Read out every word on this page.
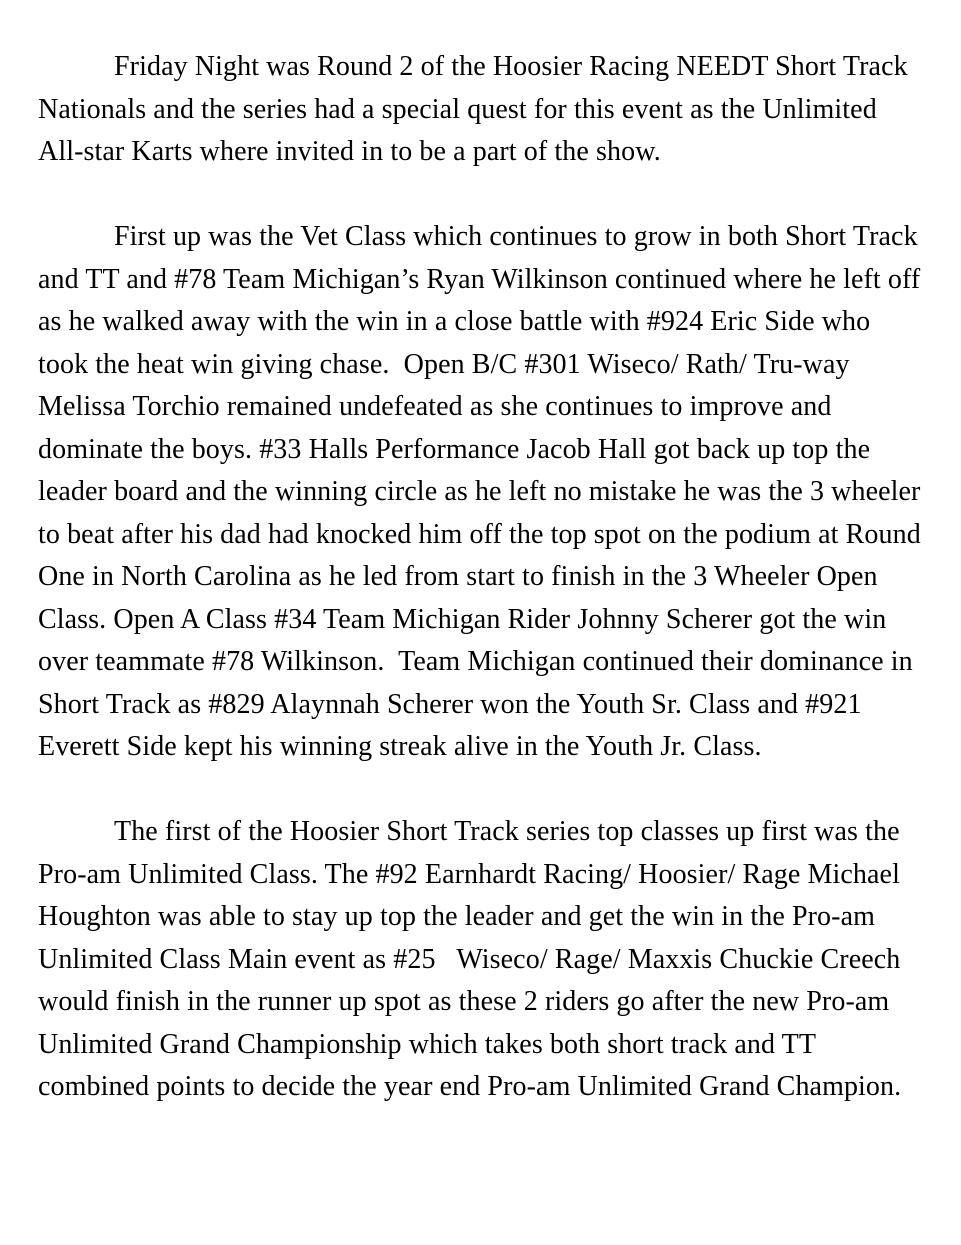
Friday Night was Round 2 of the Hoosier Racing NEEDT Short Track
Nationals and the series had a special quest for this event as the Unlimited
All-star Karts where invited in to be a part of the show.
First up was the Vet Class which continues to grow in both Short Track
and TT and #78 Team Michigan’s Ryan Wilkinson continued where he left off
as he walked away with the win in a close battle with #924 Eric Side who
took the heat win giving chase.  Open B/C #301 Wiseco/ Rath/ Tru-way
Melissa Torchio remained undefeated as she continues to improve and
dominate the boys. #33 Halls Performance Jacob Hall got back up top the
leader board and the winning circle as he left no mistake he was the 3 wheeler
to beat after his dad had knocked him off the top spot on the podium at Round
One in North Carolina as he led from start to finish in the 3 Wheeler Open
Class. Open A Class #34 Team Michigan Rider Johnny Scherer got the win
over teammate #78 Wilkinson.  Team Michigan continued their dominance in
Short Track as #829 Alaynnah Scherer won the Youth Sr. Class and #921
Everett Side kept his winning streak alive in the Youth Jr. Class.
The first of the Hoosier Short Track series top classes up first was the
Pro-am Unlimited Class. The #92 Earnhardt Racing/ Hoosier/ Rage Michael
Houghton was able to stay up top the leader and get the win in the Pro-am
Unlimited Class Main event as #25   Wiseco/ Rage/ Maxxis Chuckie Creech
would finish in the runner up spot as these 2 riders go after the new Pro-am
Unlimited Grand Championship which takes both short track and TT
combined points to decide the year end Pro-am Unlimited Grand Champion.
